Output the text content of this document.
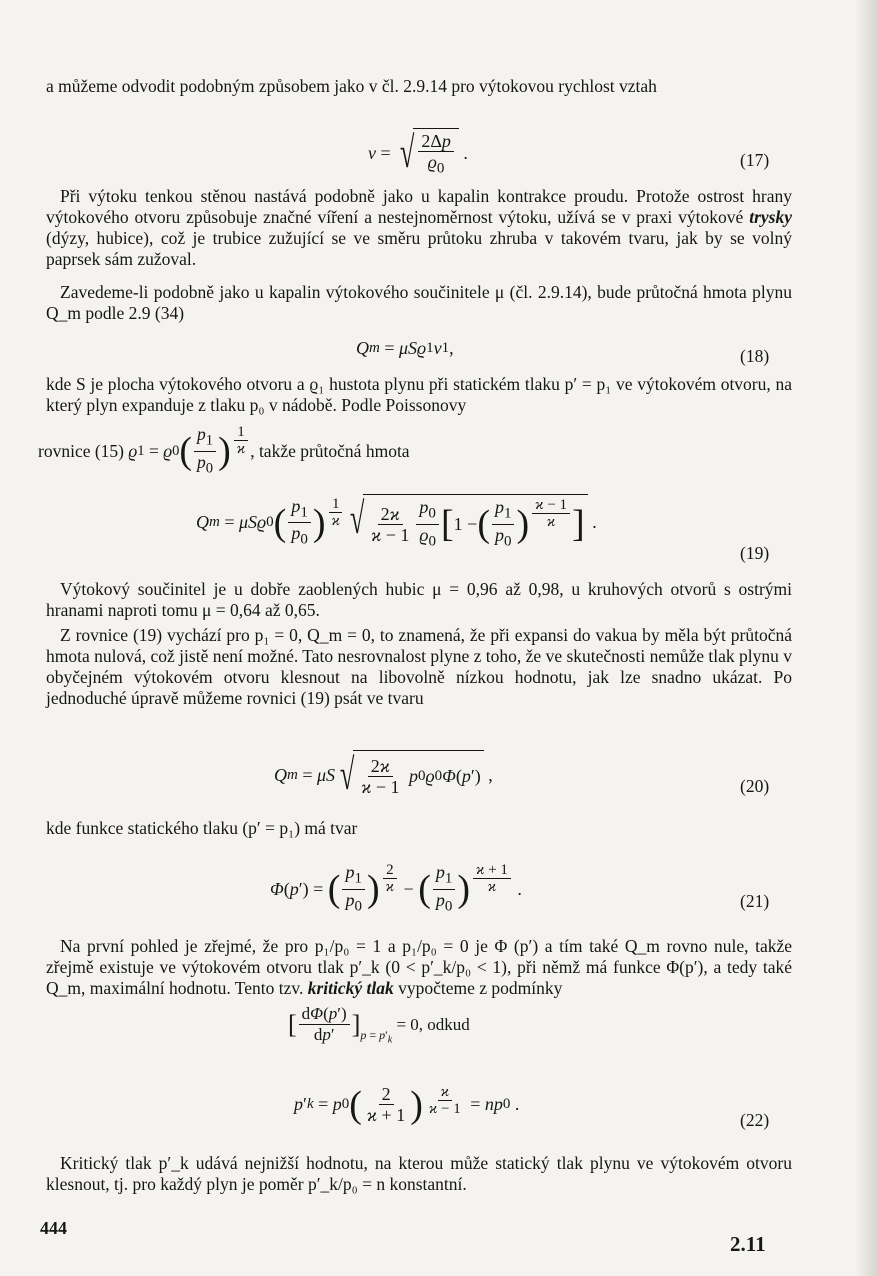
a můžeme odvodit podobným způsobem jako v čl. 2.9.14 pro výtokovou rychlost vztah

v = √ 2Δp
$ϱ_0$
.	(17)

Při výtoku tenkou stěnou nastává podobně jako u kapalin kontrakce proudu. Protože ostrost hrany výtokového otvoru způsobuje značné víření a nestejnoměrnost výtoku, užívá se v praxi výtokové trysky (dýzy, hubice), což je trubice zužující se ve směru průtoku zhruba v takovém tvaru, jak by se volný paprsek sám zužoval.

Zavedeme-li podobně jako u kapalin výtokového součinitele μ (čl. 2.9.14), bude průtočná hmota plynu Q_m podle 2.9 (34)

Q m = μSϱ 1 v 1 ,	(18)

kde S je plocha výtokového otvoru a ϱ₁ hustota plynu při statickém tlaku p′ = p₁ ve výtokovém otvoru, na který plyn expanduje z tlaku p₀ v nádobě. Podle Poissonovy

rovnice (15)
ϱ 1 = ϱ 0 ( $p_1$
$p_0$ ) $^{\frac{1}{ϰ}}$ , takže průtočná hmota
Q m = μSϱ 0 ( $p_1$
$p_0$ ) $^{\frac{1}{ϰ}}$ √ 2ϰ
ϰ − 1
$p_0$
$ϱ_0$ [ 1 − ( $p_1$
$p_0$ ) $^{\frac{ϰ - 1}{ϰ}}$ ] .
(19)

Výtokový součinitel je u dobře zaoblených hubic μ = 0,96 až 0,98, u kruhových otvorů s ostrými hranami naproti tomu μ = 0,64 až 0,65.

Z rovnice (19) vychází pro p₁ = 0, Q_m = 0, to znamená, že při expansi do vakua by měla být průtočná hmota nulová, což jistě není možné. Tato nesrovnalost plyne z toho, že ve skutečnosti nemůže tlak plynu v obyčejném výtokovém otvoru klesnout na libovolně nízkou hodnotu, jak lze snadno ukázat. Po jednoduché úpravě můžeme rovnici (19) psát ve tvaru

Q m = μS √ 2ϰ
ϰ − 1

p 0 ϱ 0 Φ ( p ′) ,
(20)

kde funkce statického tlaku (p′ = p₁) má tvar

Φ ( p ′) = ( $p_1$
$p_0$ ) $^{\frac{2}{ϰ}}$ − ( $p_1$
$p_0$ ) $^{\frac{ϰ + 1}{ϰ}}$ .
(21)

Na první pohled je zřejmé, že pro p₁/p₀ = 1 a p₁/p₀ = 0 je Φ (p′) a tím také Q_m rovno nule, takže zřejmě existuje ve výtokovém otvoru tlak p′_k (0 < p′_k/p₀ < 1), při němž má funkce Φ(p′), a tedy také Q_m, maximální hodnotu. Tento tzv. kritický tlak vypočteme z podmínky

[ dΦ(p′)
dp′ ] $_{p = p'_k}$

= 0, odkud
p ′ k = p 0 ( 2
ϰ + 1 ) $^{\frac{ϰ}{ϰ - 1}}$ = np 0 .
(22)

Kritický tlak p′_k udává nejnižší hodnotu, na kterou může statický tlak plynu ve výtokovém otvoru klesnout, tj. pro každý plyn je poměr p′_k/p₀ = n konstantní.

444
2.11
